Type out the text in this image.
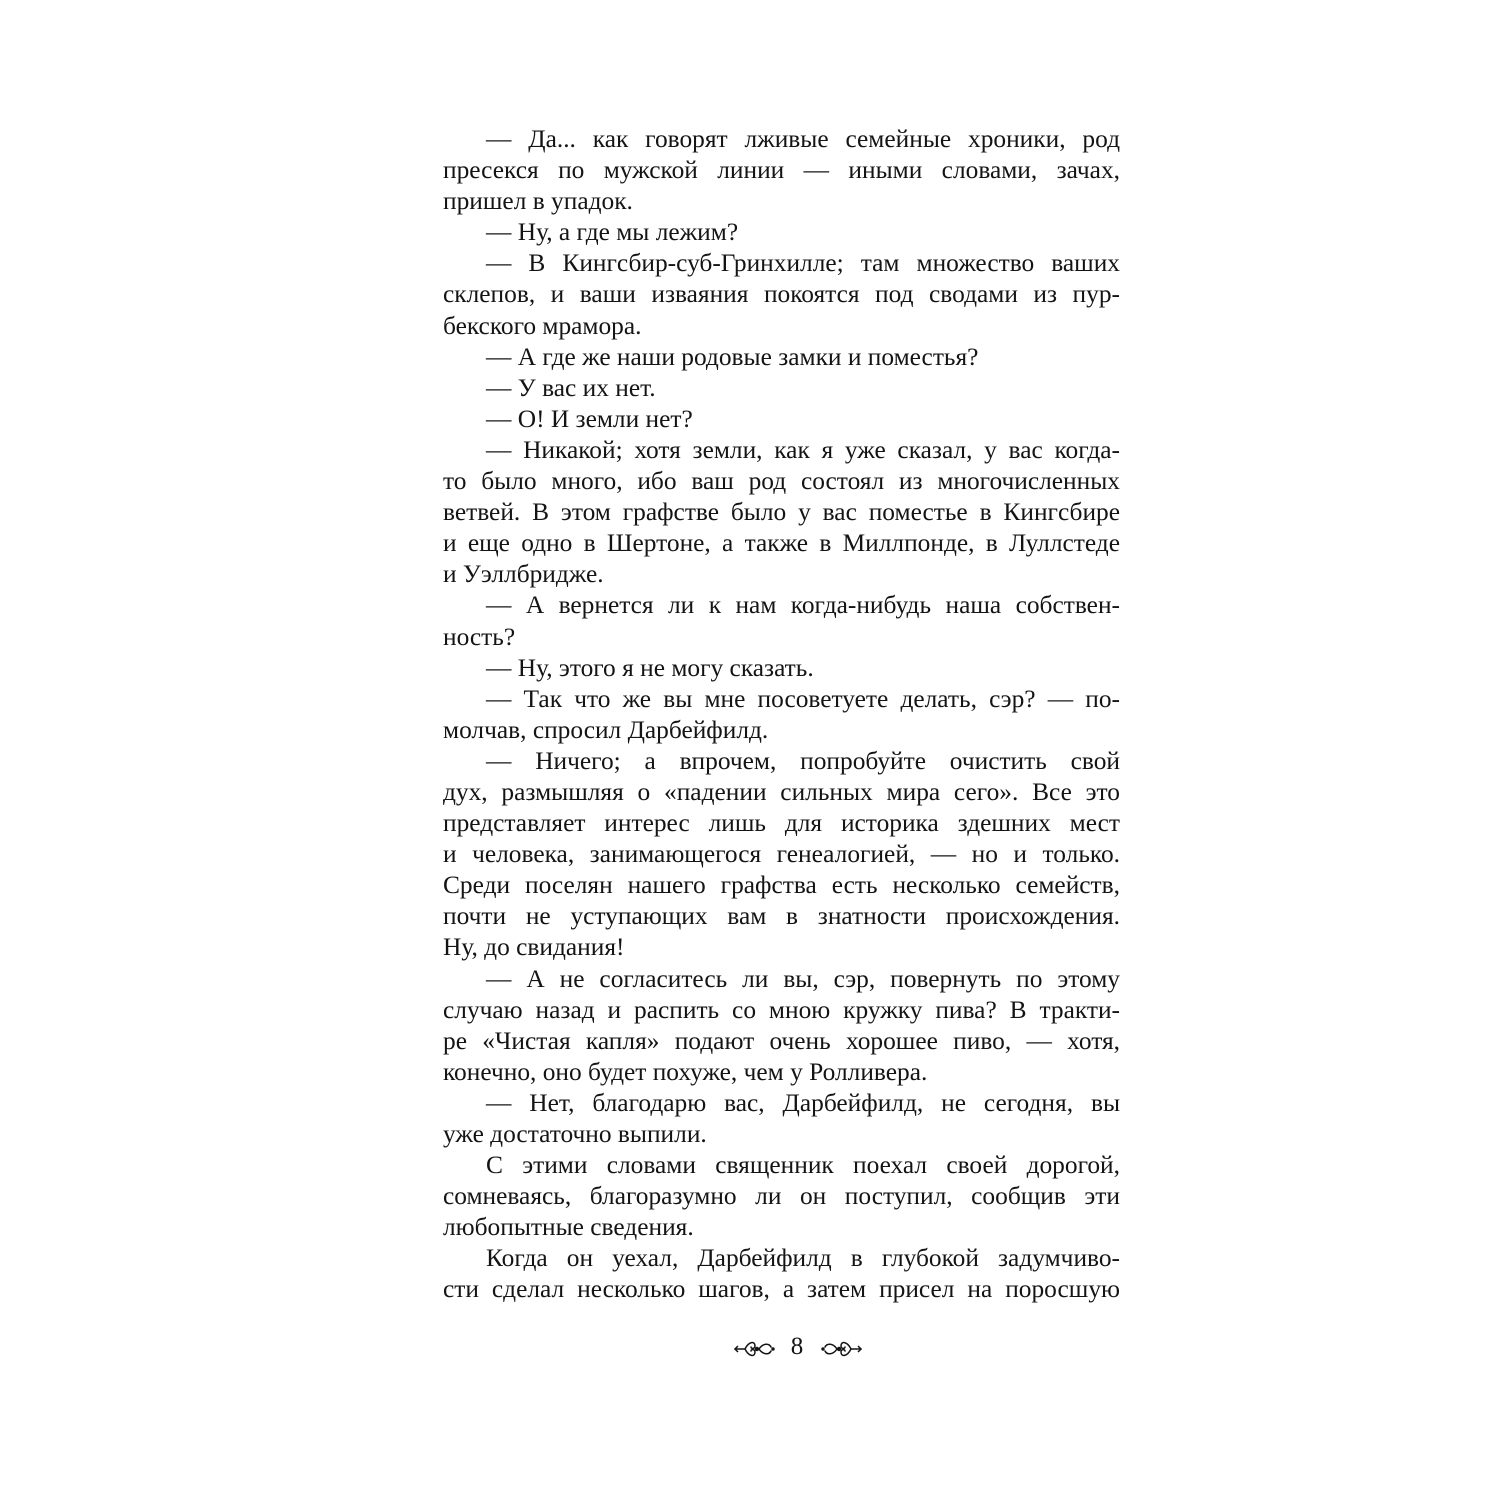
— Да... как говорят лживые семейные хроники, род
пресекся по мужской линии — иными словами, зачах,
пришел в упадок.
— Ну, а где мы лежим?
— В Кингсбир-суб-Гринхилле; там множество ваших
склепов, и ваши изваяния покоятся под сводами из пур-
бекского мрамора.
— А где же наши родовые замки и поместья?
— У вас их нет.
— О! И земли нет?
— Никакой; хотя земли, как я уже сказал, у вас когда-
то было много, ибо ваш род состоял из многочисленных
ветвей. В этом графстве было у вас поместье в Кингсбире
и еще одно в Шертоне, а также в Миллпонде, в Луллстеде
и Уэллбридже.
— А вернется ли к нам когда-нибудь наша собствен-
ность?
— Ну, этого я не могу сказать.
— Так что же вы мне посоветуете делать, сэр? — по-
молчав, спросил Дарбейфилд.
— Ничего; а впрочем, попробуйте очистить свой
дух, размышляя о «падении сильных мира сего». Все это
представляет интерес лишь для историка здешних мест
и человека, занимающегося генеалогией, — но и только.
Среди поселян нашего графства есть несколько семейств,
почти не уступающих вам в знатности происхождения.
Ну, до свидания!
— А не согласитесь ли вы, сэр, повернуть по этому
случаю назад и распить со мною кружку пива? В тракти-
ре «Чистая капля» подают очень хорошее пиво, — хотя,
конечно, оно будет похуже, чем у Ролливера.
— Нет, благодарю вас, Дарбейфилд, не сегодня, вы
уже достаточно выпили.
С этими словами священник поехал своей дорогой,
сомневаясь, благоразумно ли он поступил, сообщив эти
любопытные сведения.
Когда он уехал, Дарбейфилд в глубокой задумчиво-
сти сделал несколько шагов, а затем присел на поросшую
8
